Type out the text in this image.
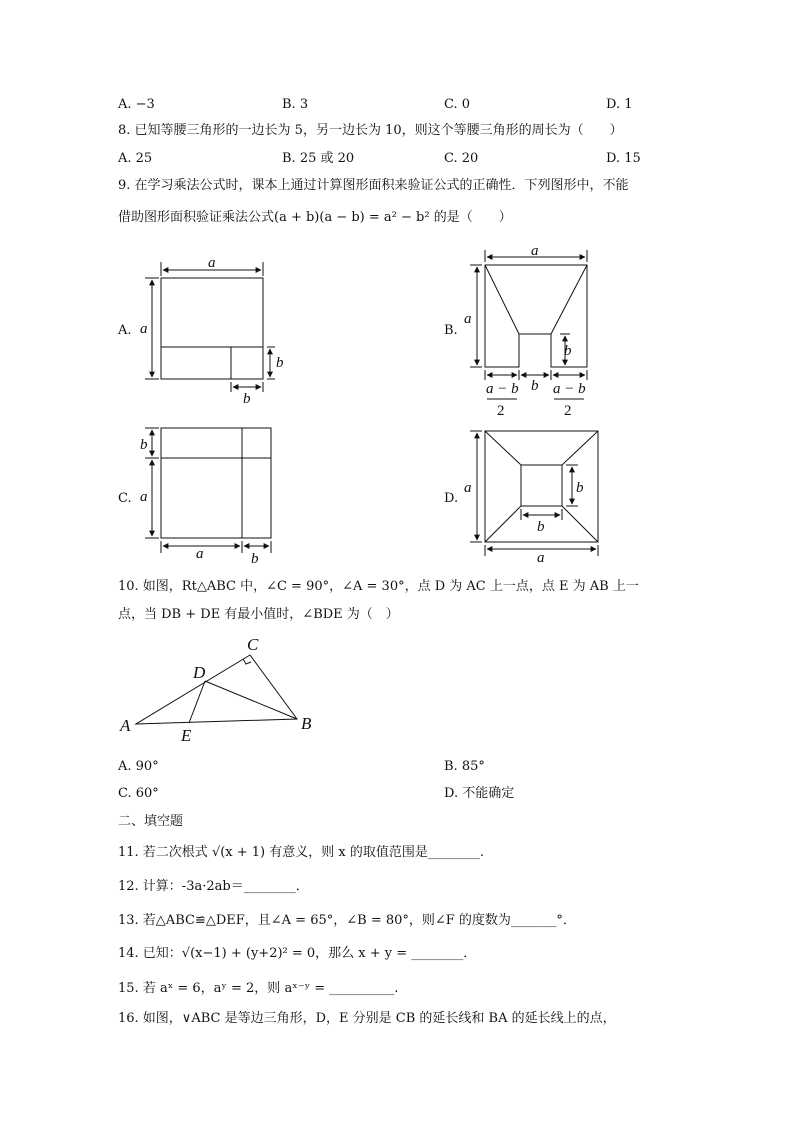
A. −3	B. 3	C. 0	D. 1
8. 已知等腰三角形的一边长为 5，另一边长为 10，则这个等腰三角形的周长为（　　）
A. 25	B. 25 或 20	C. 20	D. 15
9. 在学习乘法公式时，课本上通过计算图形面积来验证公式的正确性．下列图形中，不能
借助图形面积验证乘法公式(a + b)(a − b) = a² − b² 的是（　　）
A.	B.
C.	D.
a
a
b
b
a
a
b
b
a − b a − b
2	2
b
a
a	b
a	b
b
a
C
D
A	B
E
10. 如图，Rt△ABC 中，∠C = 90°，∠A = 30°，点 D 为 AC 上一点，点 E 为 AB 上一
点，当 DB + DE 有最小值时，∠BDE 为（　）
A. 90°	B. 85°
C. 60°	D. 不能确定
二、填空题
11. 若二次根式 √(x + 1) 有意义，则 x 的取值范围是________.
12. 计算：-3a·2ab＝________．
13. 若△ABC≌△DEF，且∠A = 65°，∠B = 80°，则∠F 的度数为_______°．
14. 已知：√(x−1) + (y+2)² = 0，那么 x + y = ________．
15. 若 aˣ = 6，aʸ = 2，则 aˣ⁻ʸ = __________.
16. 如图，∨ABC 是等边三角形，D，E 分别是 CB 的延长线和 BA 的延长线上的点，
